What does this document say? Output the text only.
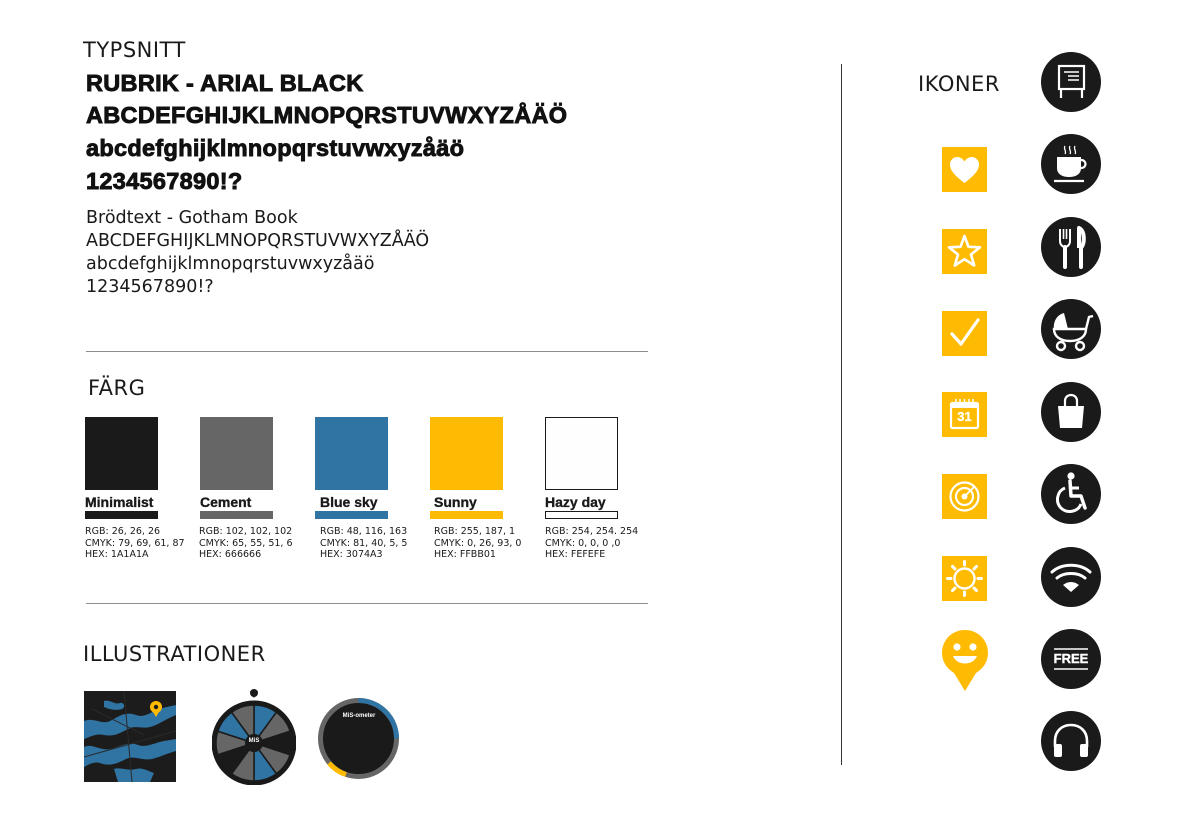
TYPSNITT
RUBRIK - ARIAL BLACK
ABCDEFGHIJKLMNOPQRSTUVWXYZÅÄÖ
abcdefghijklmnopqrstuvwxyzåäö
1234567890!?
Brödtext - Gotham Book
ABCDEFGHIJKLMNOPQRSTUVWXYZÅÄÖ
abcdefghijklmnopqrstuvwxyzåäö
1234567890!?
FÄRG
Minimalist
RGB: 26, 26, 26
CMYK: 79, 69, 61, 87
HEX: 1A1A1A
Cement
RGB: 102, 102, 102
CMYK: 65, 55, 51, 6
HEX: 666666
Blue sky
RGB: 48, 116, 163
CMYK: 81, 40, 5, 5
HEX: 3074A3
Sunny
RGB: 255, 187, 1
CMYK: 0, 26, 93, 0
HEX: FFBB01
Hazy day
RGB: 254, 254. 254
CMYK: 0, 0, 0 ,0
HEX: FEFEFE
ILLUSTRATIONER
MiS
MiS-ometer
IKONER
31
FREE
